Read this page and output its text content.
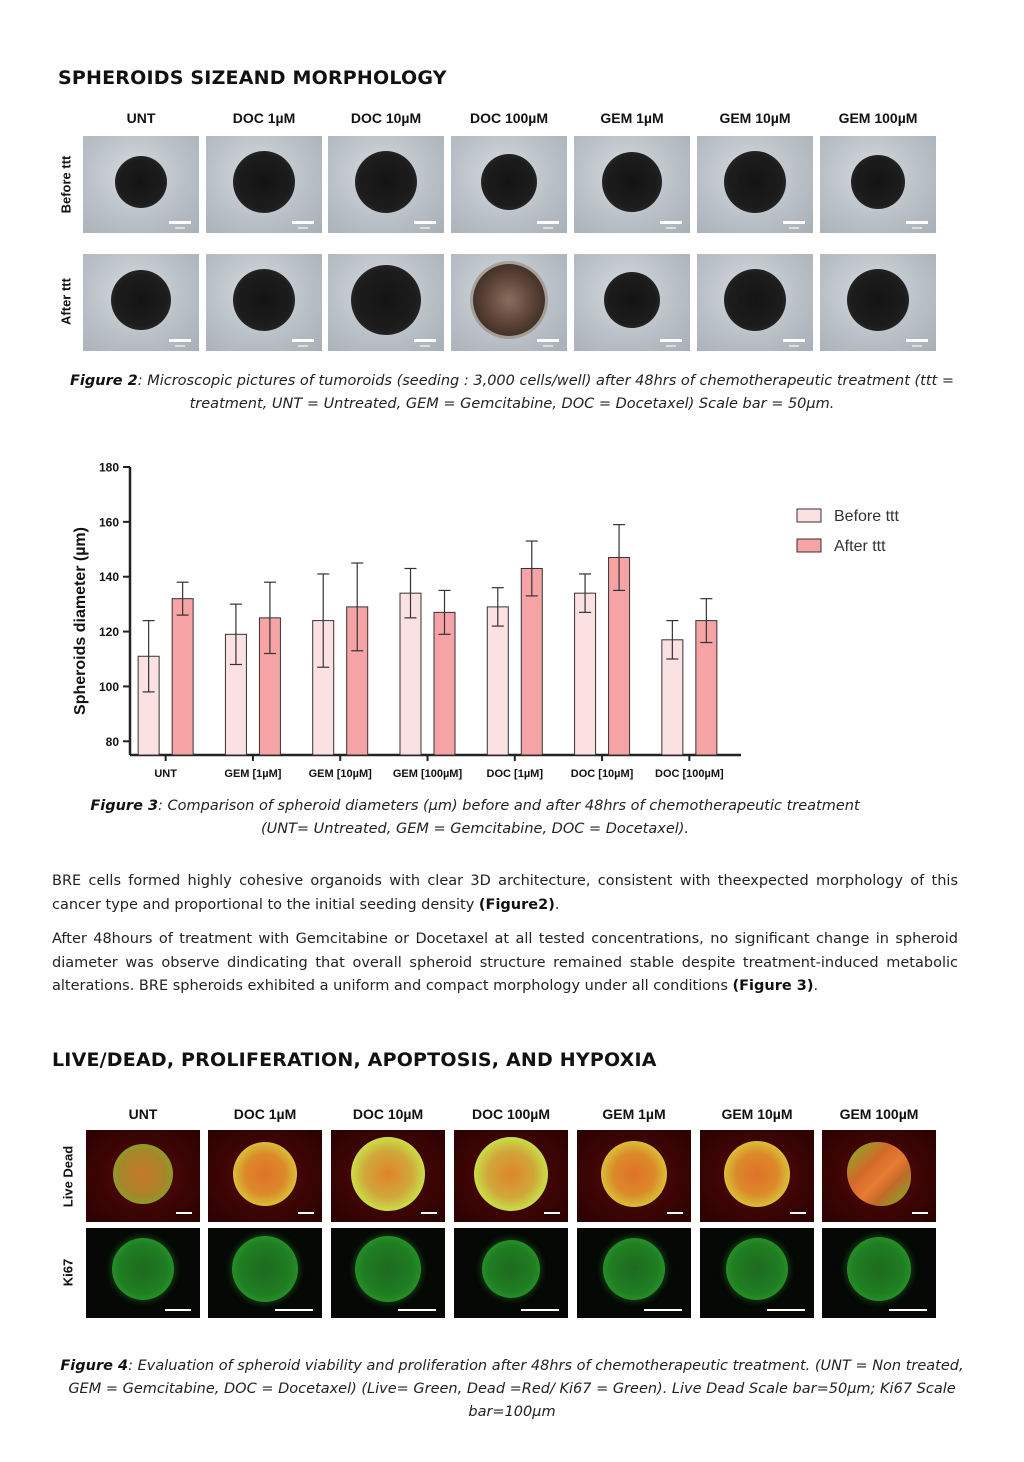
SPHEROIDS SIZEAND MORPHOLOGY
UNT	DOC 1µM	DOC 10µM	DOC 100µM	GEM 1µM	GEM 10µM	GEM 100µM
Before ttt
After ttt
Figure 2: Microscopic pictures of tumoroids (seeding : 3,000 cells/well) after 48hrs of chemotherapeutic treatment (ttt = treatment, UNT = Untreated, GEM = Gemcitabine, DOC = Docetaxel) Scale bar = 50µm.
80
100
120
140
160
180
Spheroids diameter (µm)
UNT	GEM [1µM] GEM [10µM] GEM [100µM] DOC [1µM]	DOC [10µM] DOC [100µM]
Before ttt
After ttt
Figure 3: Comparison of spheroid diameters (µm) before and after 48hrs of chemotherapeutic treatment (UNT= Untreated, GEM = Gemcitabine, DOC = Docetaxel).
BRE cells formed highly cohesive organoids with clear 3D architecture, consistent with theexpected morphology of this cancer type and proportional to the initial seeding density (Figure2).
After 48hours of treatment with Gemcitabine or Docetaxel at all tested concentrations, no significant change in spheroid diameter was observe dindicating that overall spheroid structure remained stable despite treatment-induced metabolic alterations. BRE spheroids exhibited a uniform and compact morphology under all conditions (Figure 3).
LIVE/DEAD, PROLIFERATION, APOPTOSIS, AND HYPOXIA
UNT	DOC 1µM	DOC 10µM	DOC 100µM	GEM 1µM	GEM 10µM	GEM 100µM
Live Dead
Ki67
Figure 4: Evaluation of spheroid viability and proliferation after 48hrs of chemotherapeutic treatment. (UNT = Non treated, GEM = Gemcitabine, DOC = Docetaxel) (Live= Green, Dead =Red/ Ki67 = Green). Live Dead Scale bar=50µm; Ki67 Scale bar=100µm
